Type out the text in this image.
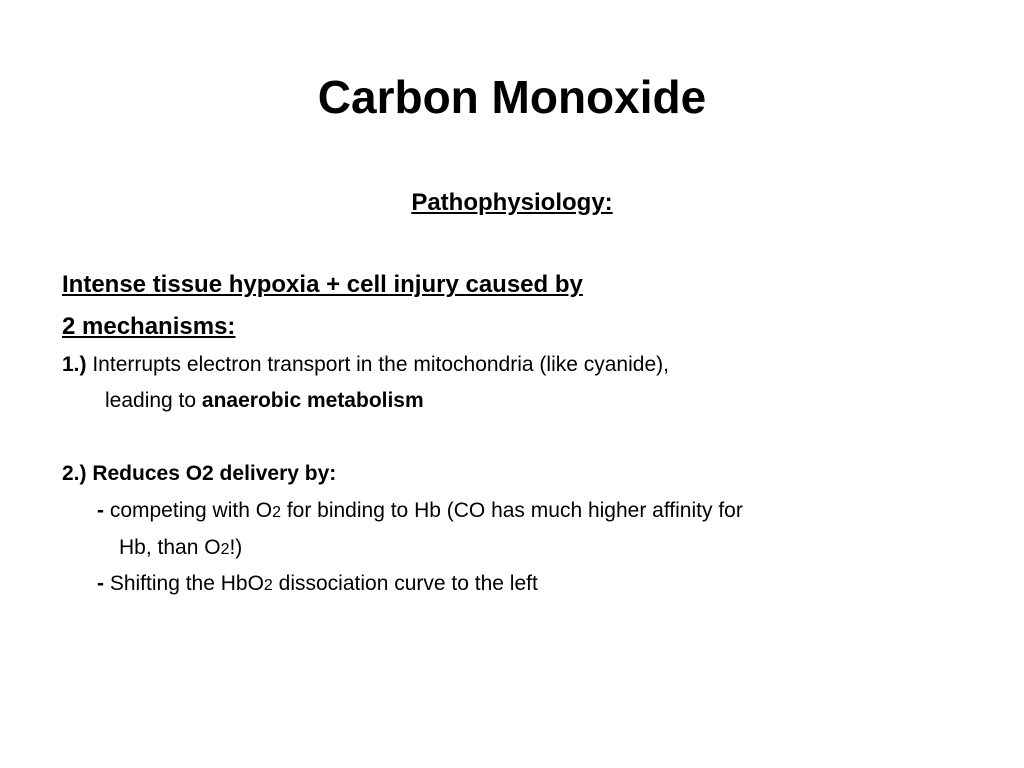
Carbon Monoxide
Pathophysiology:
Intense tissue hypoxia + cell injury caused by
2 mechanisms:
1.) Interrupts electron transport in the mitochondria (like cyanide),
leading to anaerobic metabolism
2.) Reduces O2 delivery by:
- competing with O2 for binding to Hb (CO has much higher affinity for
Hb, than O2!)
- Shifting the HbO2 dissociation curve to the left
